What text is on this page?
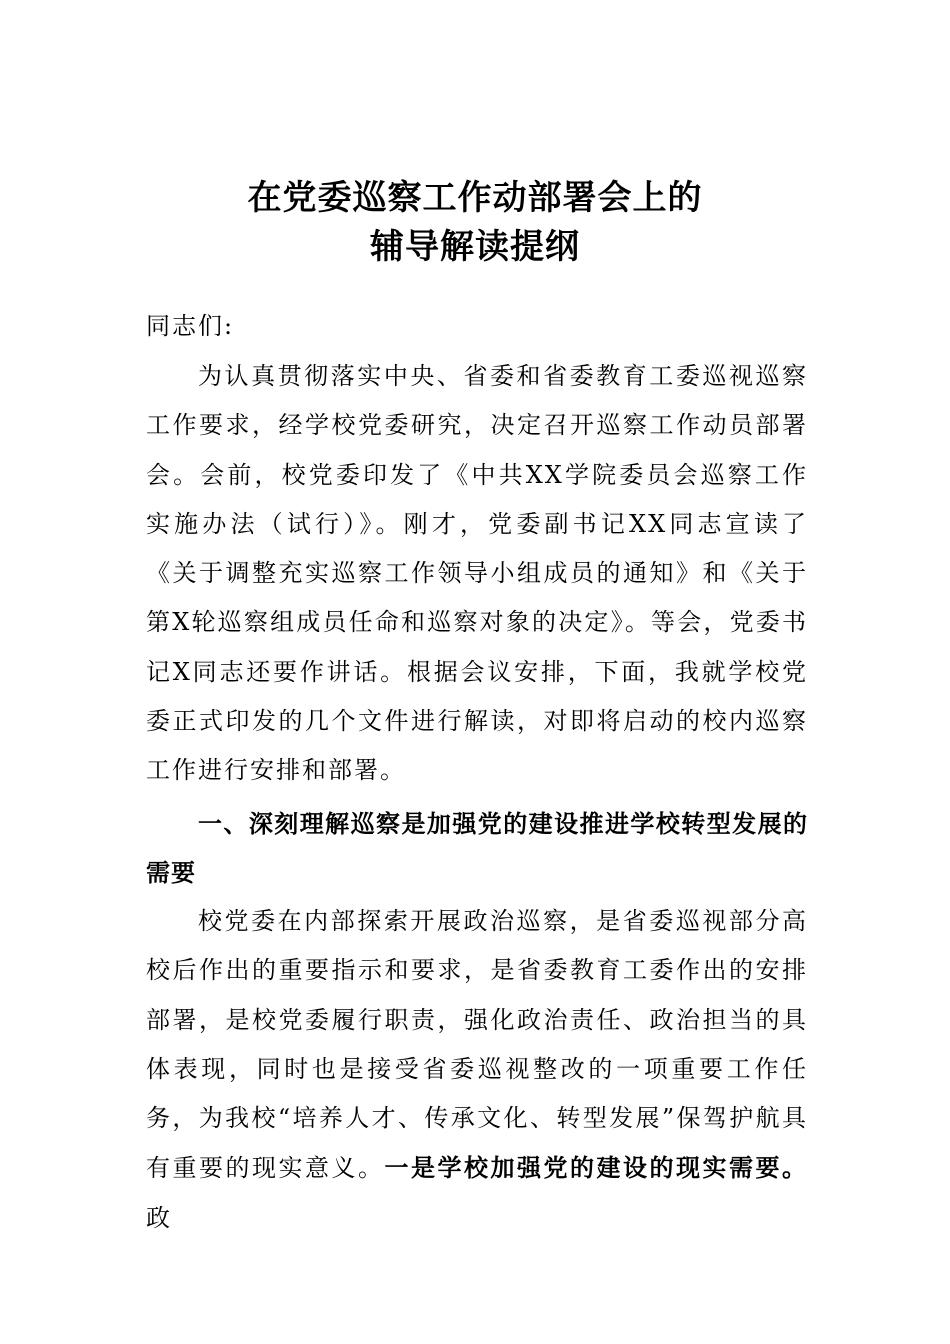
在党委巡察工作动部署会上的
辅导解读提纲

同志们:

为认真贯彻落实中央、省委和省委教育工委巡视巡察工作要求，经学校党委研究，决定召开巡察工作动员部署会。会前，校党委印发了《中共XX学院委员会巡察工作实施办法（试行）》。刚才，党委副书记XX同志宣读了《关于调整充实巡察工作领导小组成员的通知》和《关于第X轮巡察组成员任命和巡察对象的决定》。等会，党委书记X同志还要作讲话。根据会议安排，下面，我就学校党委正式印发的几个文件进行解读，对即将启动的校内巡察工作进行安排和部署。

一、深刻理解巡察是加强党的建设推进学校转型发展的需要

校党委在内部探索开展政治巡察，是省委巡视部分高校后作出的重要指示和要求，是省委教育工委作出的安排部署，是校党委履行职责，强化政治责任、政治担当的具体表现，同时也是接受省委巡视整改的一项重要工作任务，为我校“培养人才、传承文化、转型发展”保驾护航具有重要的现实意义。一是学校加强党的建设的现实需要。政
